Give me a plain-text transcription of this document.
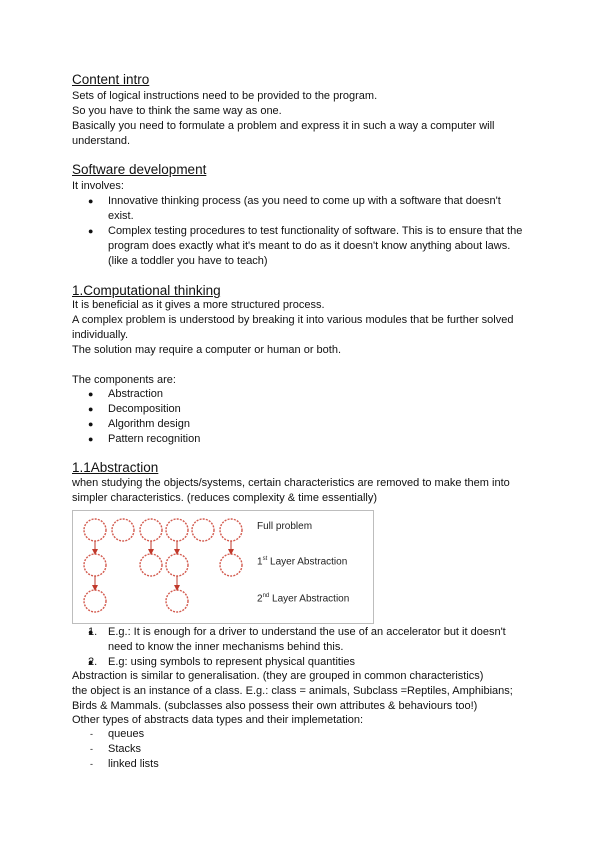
Content intro

Sets of logical instructions need to be provided to the program.

So you have to think the same way as one.

Basically you need to formulate a problem and express it in such a way a computer will

understand.

Software development

It involves:

● Innovative thinking process (as you need to come up with a software that doesn't
exist.
● Complex testing procedures to test functionality of software. This is to ensure that the
program does exactly what it's meant to do as it doesn't know anything about laws.
(like a toddler you have to teach)
1.Computational thinking

It is beneficial as it gives a more structured process.

A complex problem is understood by breaking it into various modules that be further solved

individually.

The solution may require a computer or human or both.

The components are:

● Abstraction
● Decomposition
● Algorithm design
● Pattern recognition
1.1Abstraction

when studying the objects/systems, certain characteristics are removed to make them into

simpler characteristics. (reduces complexity & time essentially)

Full problem
1st Layer Abstraction
2nd Layer Abstraction
● 1. E.g.: It is enough for a driver to understand the use of an accelerator but it doesn't
need to know the inner mechanisms behind this.
● 2. E.g: using symbols to represent physical quantities

Abstraction is similar to generalisation. (they are grouped in common characteristics)

the object is an instance of a class. E.g.: class = animals, Subclass =Reptiles, Amphibians;

Birds & Mammals. (subclasses also possess their own attributes & behaviours too!)

Other types of abstracts data types and their implemetation:

- queues
- Stacks
- linked lists
